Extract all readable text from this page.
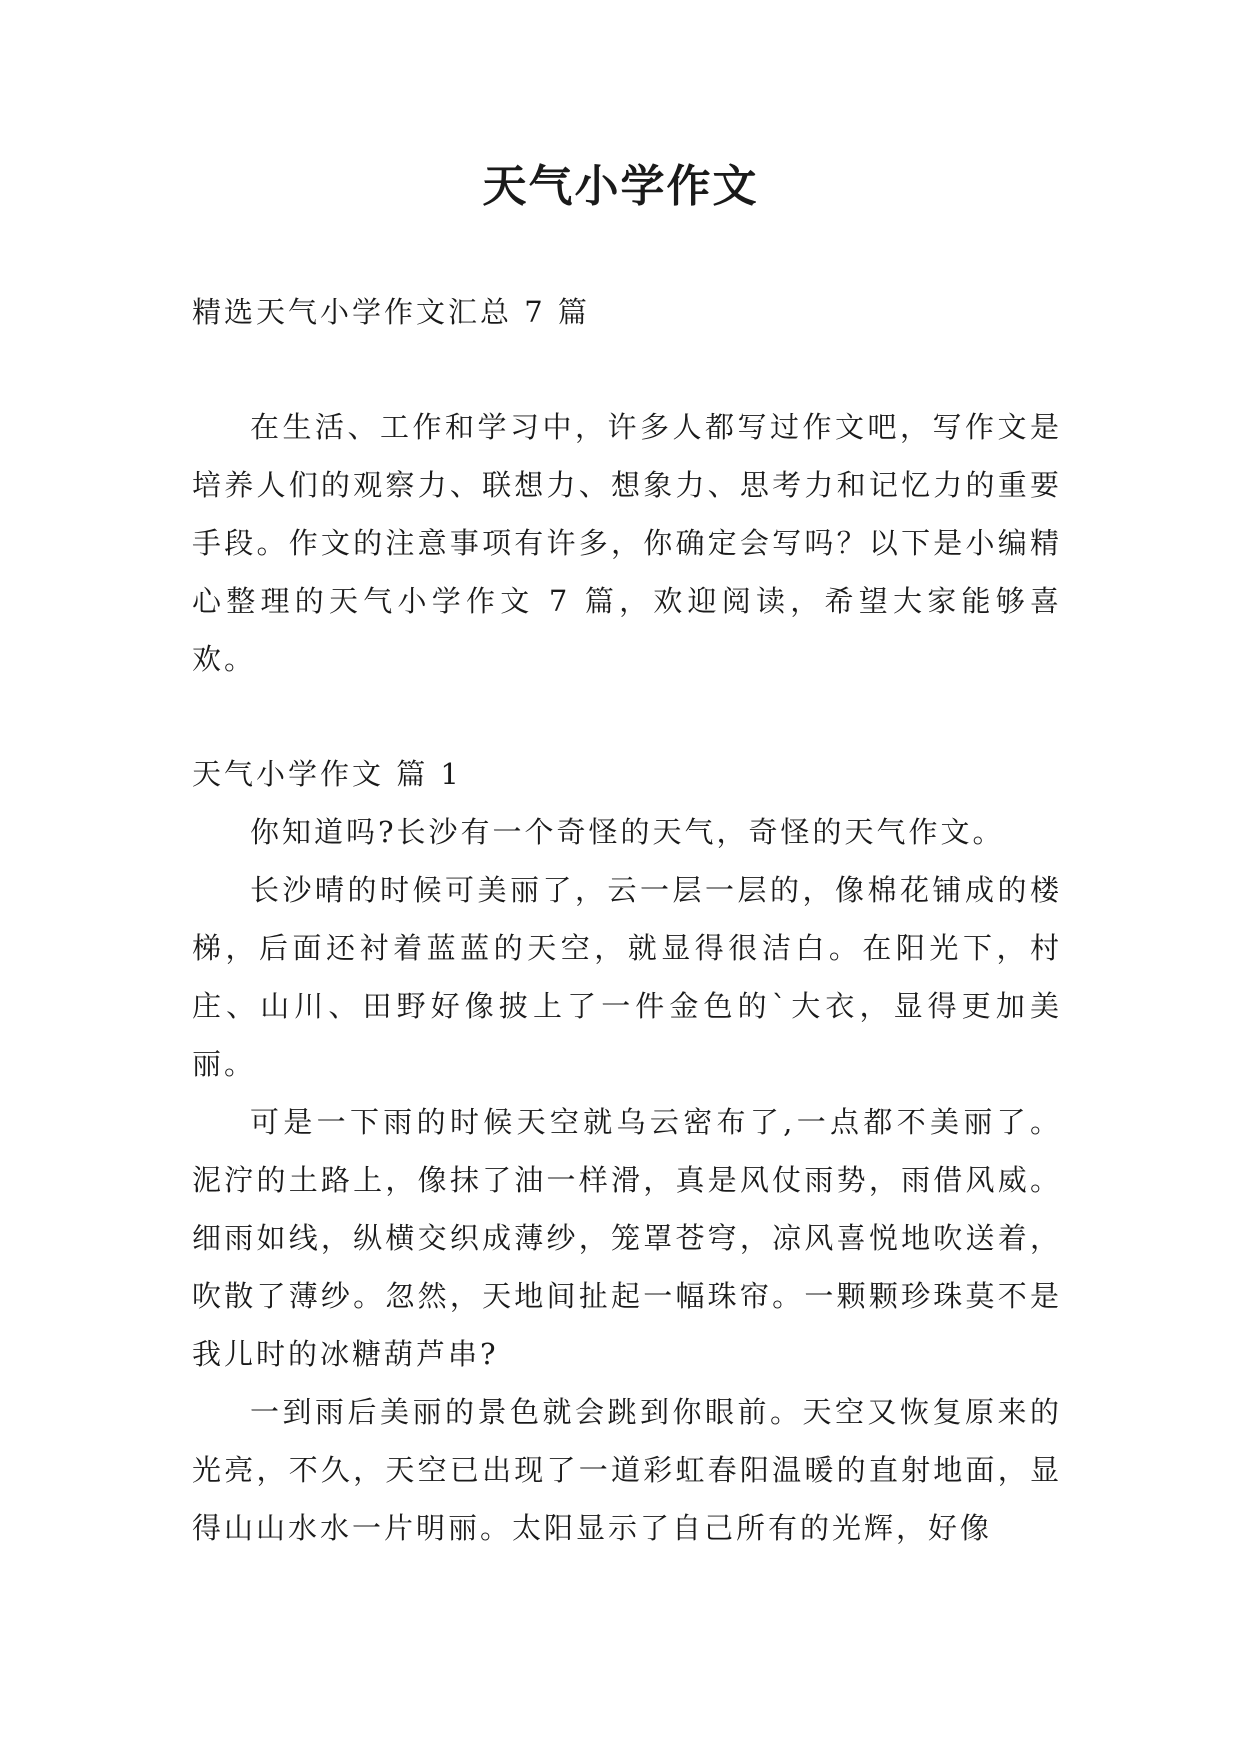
天气小学作文

精选天气小学作文汇总 7 篇

在生活、工作和学习中，许多人都写过作文吧，写作文是培养人们的观察力、联想力、想象力、思考力和记忆力的重要手段。作文的注意事项有许多，你确定会写吗？以下是小编精心整理的天气小学作文 7 篇，欢迎阅读，希望大家能够喜欢。

天气小学作文 篇 1

你知道吗?长沙有一个奇怪的天气，奇怪的天气作文。

长沙晴的时候可美丽了，云一层一层的，像棉花铺成的楼梯，后面还衬着蓝蓝的天空，就显得很洁白。在阳光下，村庄、山川、田野好像披上了一件金色的`大衣，显得更加美丽。

可是一下雨的时候天空就乌云密布了,一点都不美丽了。泥泞的土路上，像抹了油一样滑，真是风仗雨势，雨借风威。细雨如线，纵横交织成薄纱，笼罩苍穹，凉风喜悦地吹送着，吹散了薄纱。忽然，天地间扯起一幅珠帘。一颗颗珍珠莫不是我儿时的冰糖葫芦串?

一到雨后美丽的景色就会跳到你眼前。天空又恢复原来的光亮，不久，天空已出现了一道彩虹春阳温暖的直射地面，显得山山水水一片明丽。太阳显示了自己所有的光辉，好像
